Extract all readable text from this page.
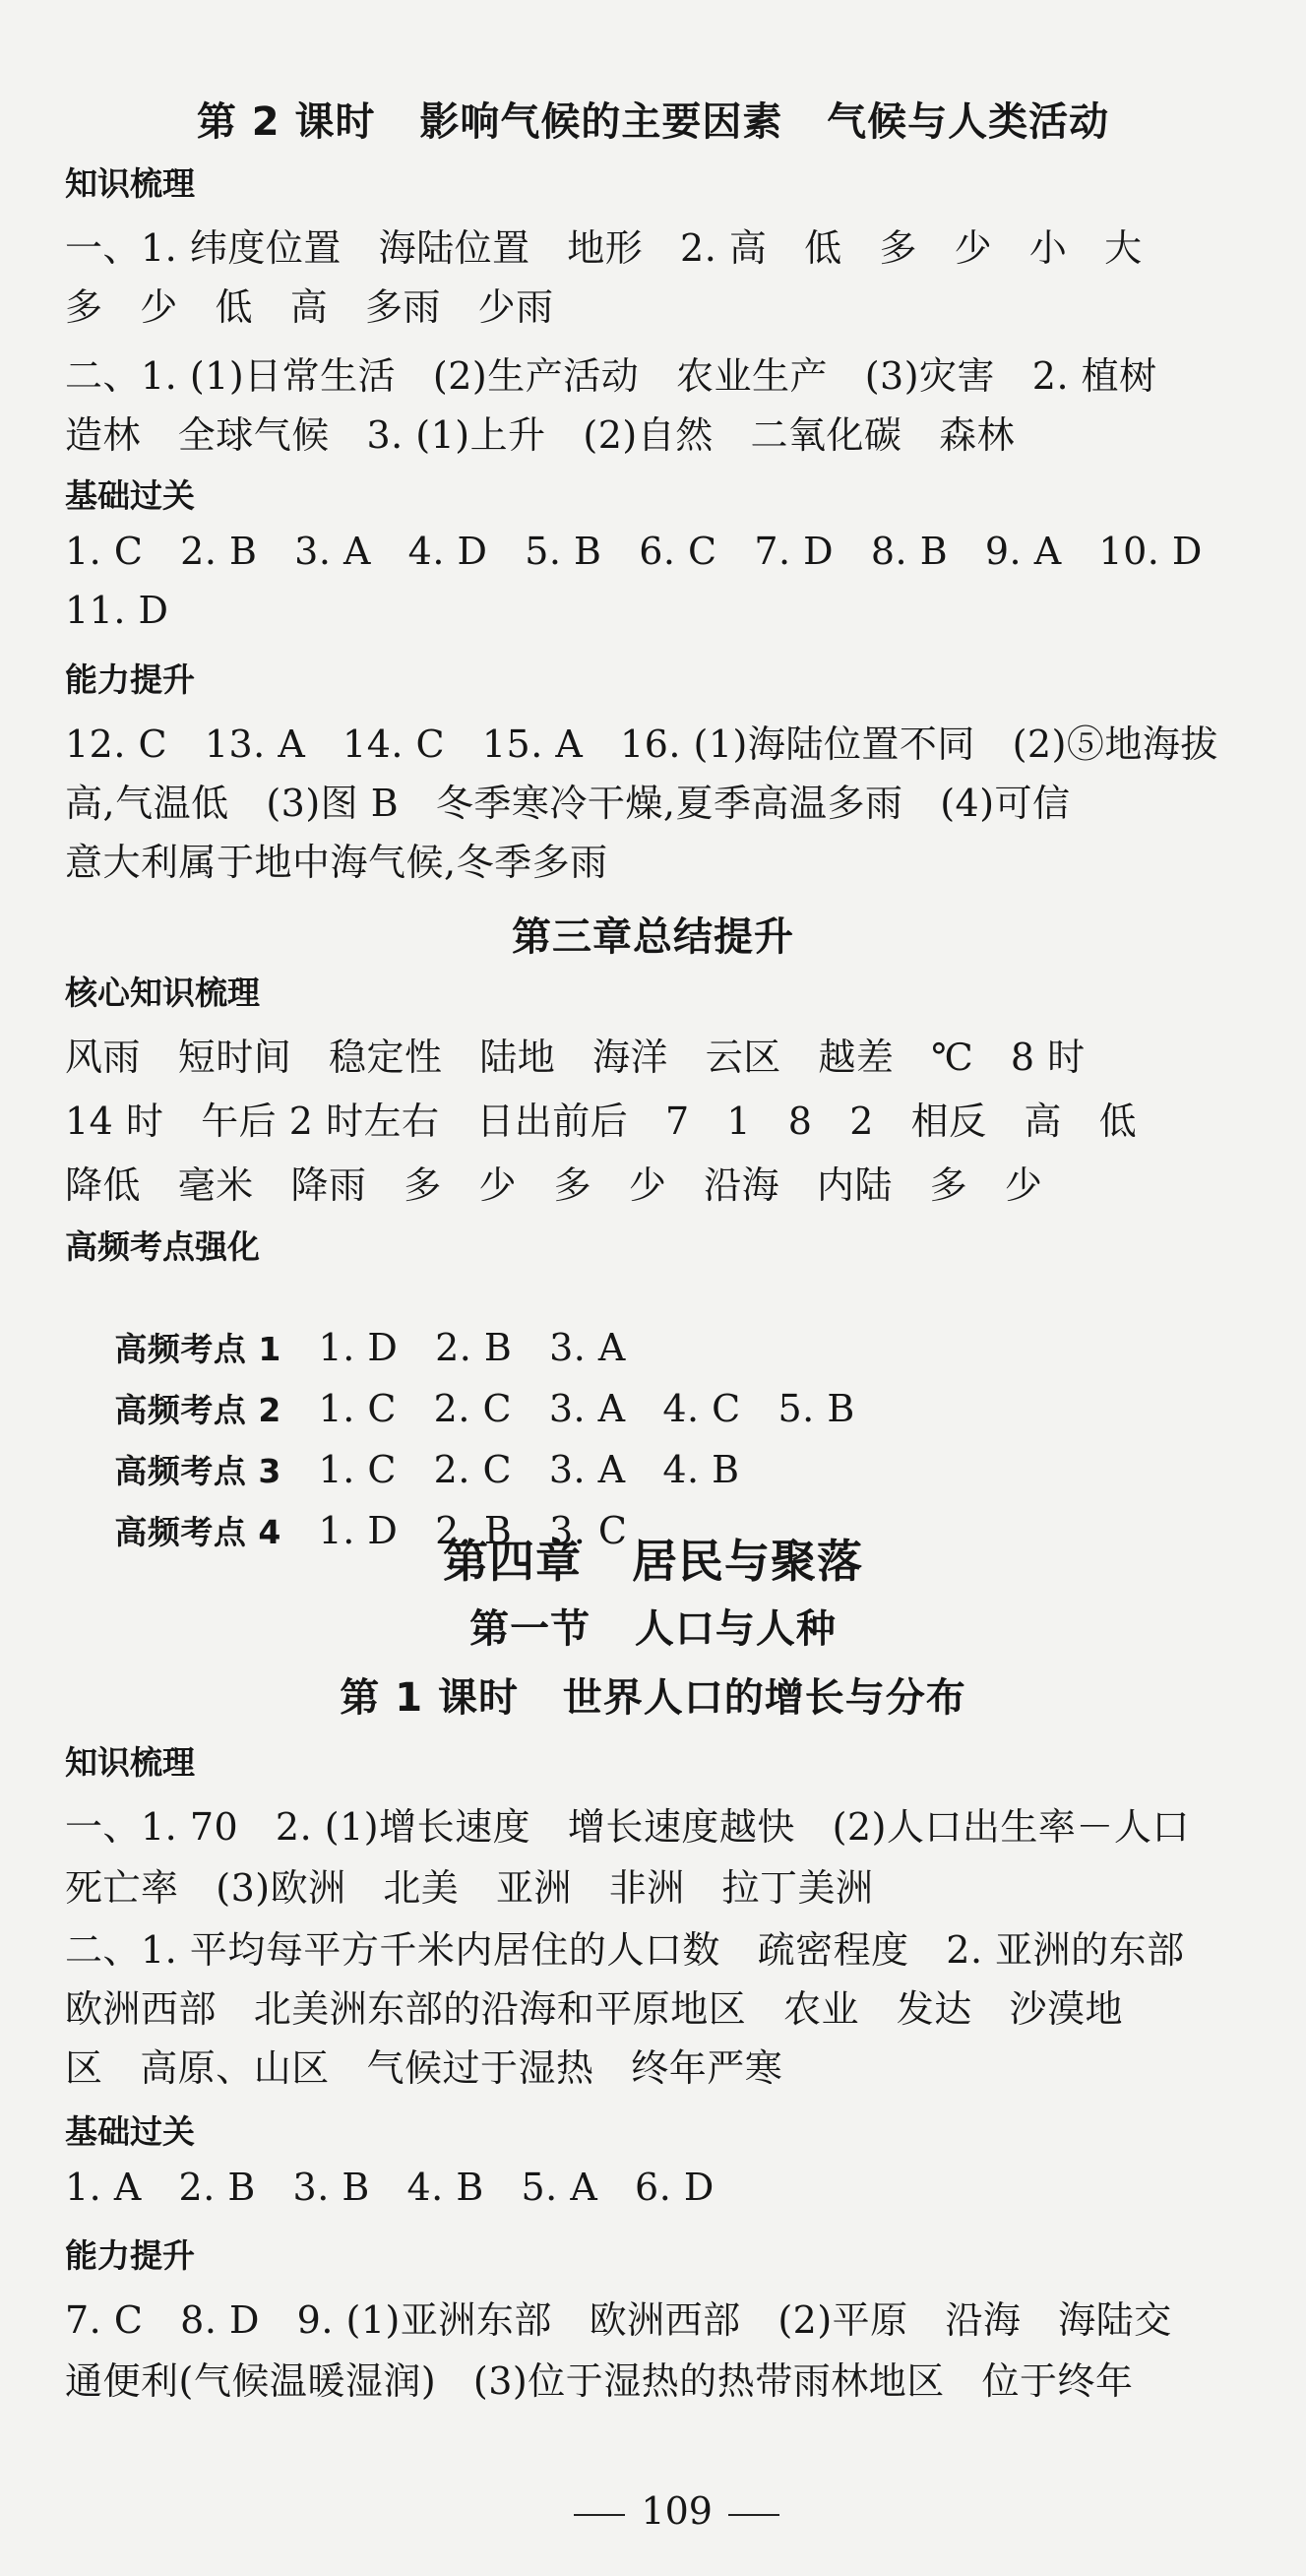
第 2 课时   影响气候的主要因素   气候与人类活动
知识梳理
一、1. 纬度位置   海陆位置   地形   2. 高   低   多   少   小   大
多   少   低   高   多雨   少雨
二、1. (1)日常生活   (2)生产活动   农业生产   (3)灾害   2. 植树
造林   全球气候   3. (1)上升   (2)自然   二氧化碳   森林
基础过关
1. C   2. B   3. A   4. D   5. B   6. C   7. D   8. B   9. A   10. D
11. D
能力提升
12. C   13. A   14. C   15. A   16. (1)海陆位置不同   (2)⑤地海拔
高,气温低   (3)图 B   冬季寒冷干燥,夏季高温多雨   (4)可信
意大利属于地中海气候,冬季多雨
第三章总结提升
核心知识梳理
风雨   短时间   稳定性   陆地   海洋   云区   越差   ℃   8 时
14 时   午后 2 时左右   日出前后   7   1   8   2   相反   高   低
降低   毫米   降雨   多   少   多   少   沿海   内陆   多   少
高频考点强化

高频考点 1 1. D   2. B   3. A

高频考点 2 1. C   2. C   3. A   4. C   5. B

高频考点 3 1. C   2. C   3. A   4. B

高频考点 4 1. D   2. B   3. C

第四章   居民与聚落
第一节   人口与人种
第 1 课时   世界人口的增长与分布
知识梳理
一、1. 70   2. (1)增长速度   增长速度越快   (2)人口出生率－人口
死亡率   (3)欧洲   北美   亚洲   非洲   拉丁美洲
二、1. 平均每平方千米内居住的人口数   疏密程度   2. 亚洲的东部
欧洲西部   北美洲东部的沿海和平原地区   农业   发达   沙漠地
区   高原、山区   气候过于湿热   终年严寒
基础过关
1. A   2. B   3. B   4. B   5. A   6. D
能力提升
7. C   8. D   9. (1)亚洲东部   欧洲西部   (2)平原   沿海   海陆交
通便利(气候温暖湿润)   (3)位于湿热的热带雨林地区   位于终年

109
